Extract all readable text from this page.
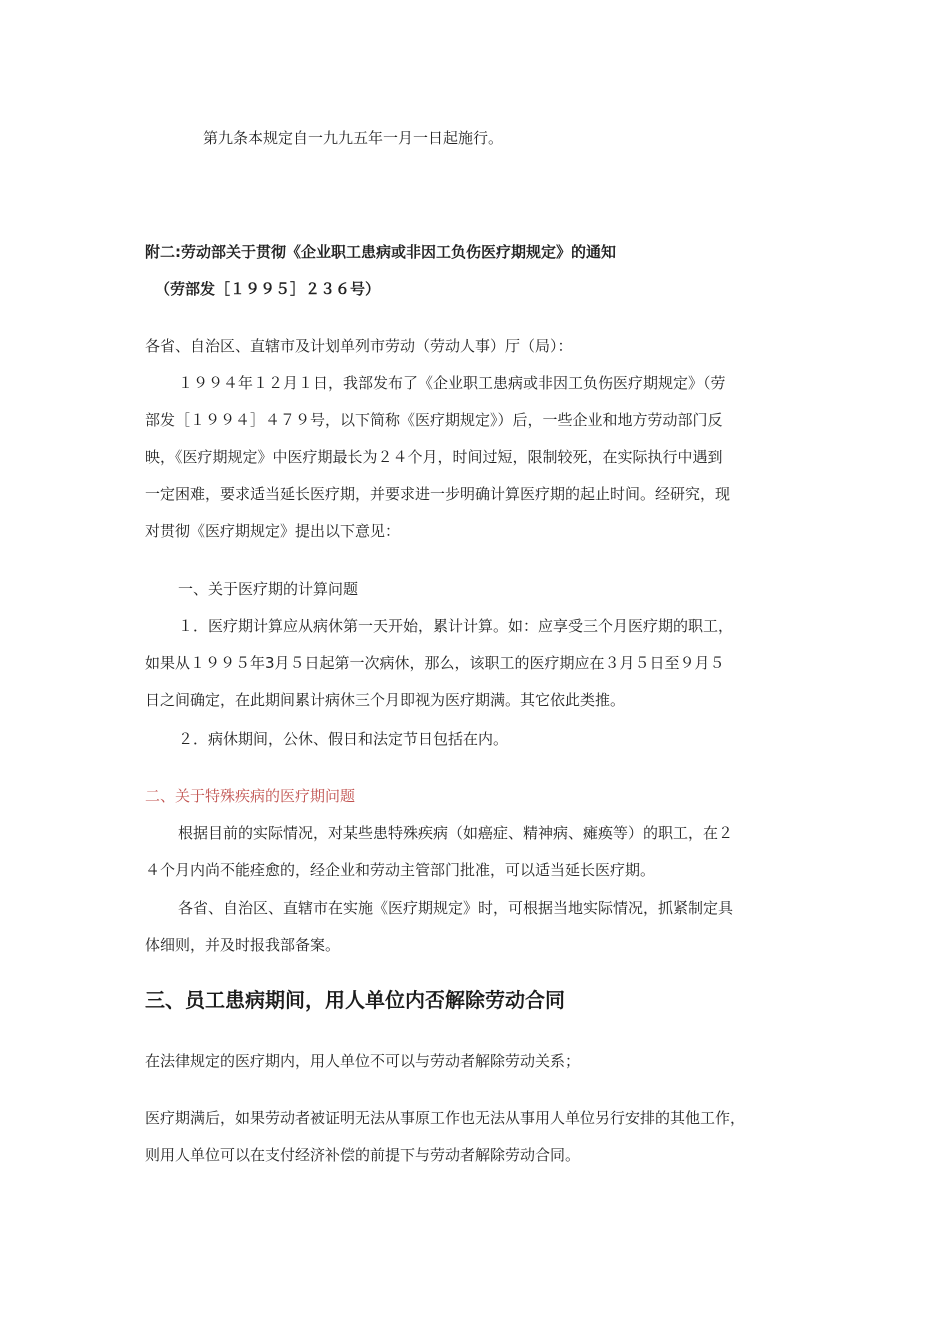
第九条本规定自一九九五年一月一日起施行。

附二:劳动部关于贯彻《企业职工患病或非因工负伤医疗期规定》的通知

（劳部发［１９９５］２３６号）

各省、自治区、直辖市及计划单列市劳动（劳动人事）厅（局）：

１９９４年１２月１日，我部发布了《企业职工患病或非因工负伤医疗期规定》（劳

部发［１９９４］４７９号，以下简称《医疗期规定》）后，一些企业和地方劳动部门反

映，《医疗期规定》中医疗期最长为２４个月，时间过短，限制较死，在实际执行中遇到

一定困难，要求适当延长医疗期，并要求进一步明确计算医疗期的起止时间。经研究，现

对贯彻《医疗期规定》提出以下意见：

一、关于医疗期的计算问题

１．医疗期计算应从病休第一天开始，累计计算。如：应享受三个月医疗期的职工，

如果从１９９５年3月５日起第一次病休，那么，该职工的医疗期应在３月５日至９月５

日之间确定，在此期间累计病休三个月即视为医疗期满。其它依此类推。

２．病休期间，公休、假日和法定节日包括在内。

二、关于特殊疾病的医疗期问题

根据目前的实际情况，对某些患特殊疾病（如癌症、精神病、瘫痪等）的职工，在２

４个月内尚不能痊愈的，经企业和劳动主管部门批准，可以适当延长医疗期。

各省、自治区、直辖市在实施《医疗期规定》时，可根据当地实际情况，抓紧制定具

体细则，并及时报我部备案。

三、员工患病期间，用人单位内否解除劳动合同

在法律规定的医疗期内，用人单位不可以与劳动者解除劳动关系；

医疗期满后，如果劳动者被证明无法从事原工作也无法从事用人单位另行安排的其他工作，

则用人单位可以在支付经济补偿的前提下与劳动者解除劳动合同。
